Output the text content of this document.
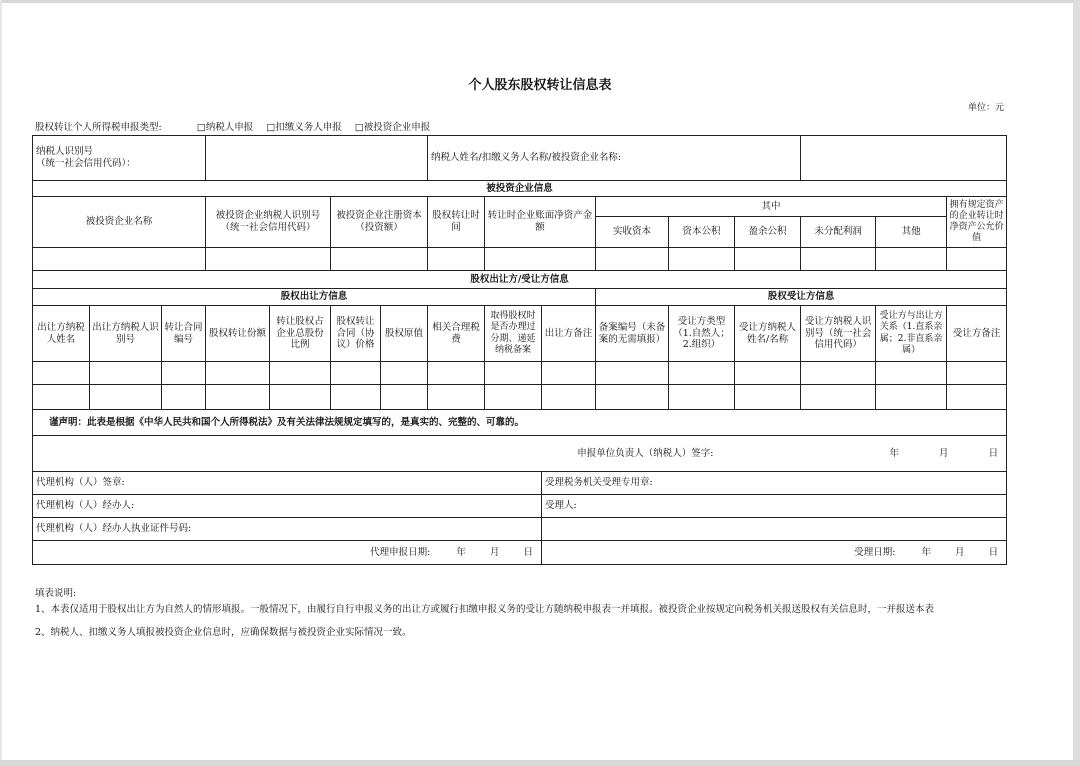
个人股东股权转让信息表
单位：元
股权转让个人所得税申报类型:	□纳税人申报 □扣缴义务人申报 □被投资企业申报
纳税人识别号
（统一社会信用代码）：							纳税人姓名/扣缴义务人名称/被投资企业名称:								
被投资企业信息															
被投资企业名称			被投资企业纳税人识别号（统一社会信用代码）		被投资企业注册资本（投资额）		股权转让时间	转让时企业账面净资产金额		其中					拥有规定资产的企业转让时净资产公允价值
										实收资本	资本公积	盈余公积	未分配利润	其他	

股权出让方/受让方信息															
股权出让方信息										股权受让方信息					
出让方纳税人姓名	出让方纳税人识别号	转让合同编号	股权转让份额	转让股权占企业总股份比例	股权转让合同（协议）价格	股权原值	相关合理税费	取得股权时是否办理过分期、递延纳税备案	出让方备注	备案编号（未备案的无需填报）	受让方类型（1.自然人；2.组织）	受让方纳税人姓名/名称	受让方纳税人识别号（统一社会信用代码）	受让方与出让方关系（1.直系亲属；2.非直系亲属）	受让方备注

谨声明：此表是根据《中华人民共和国个人所得税法》及有关法律法规规定填写的，是真实的、完整的、可靠的。															
申报单位负责人（纳税人）签字: 年 月 日															
代理机构（人）签章:									受理税务机关受理专用章:						
代理机构（人）经办人:									受理人:						
代理机构（人）经办人执业证件号码:															
代理申报日期: 年 月 日									受理日期: 年 月 日						
填表说明:
1、本表仅适用于股权出让方为自然人的情形填报。一般情况下，由履行自行申报义务的出让方或履行扣缴申报义务的受让方随纳税申报表一并填报。被投资企业按规定向税务机关报送股权有关信息时，一并报送本表
2、纳税人、扣缴义务人填报被投资企业信息时，应确保数据与被投资企业实际情况一致。
